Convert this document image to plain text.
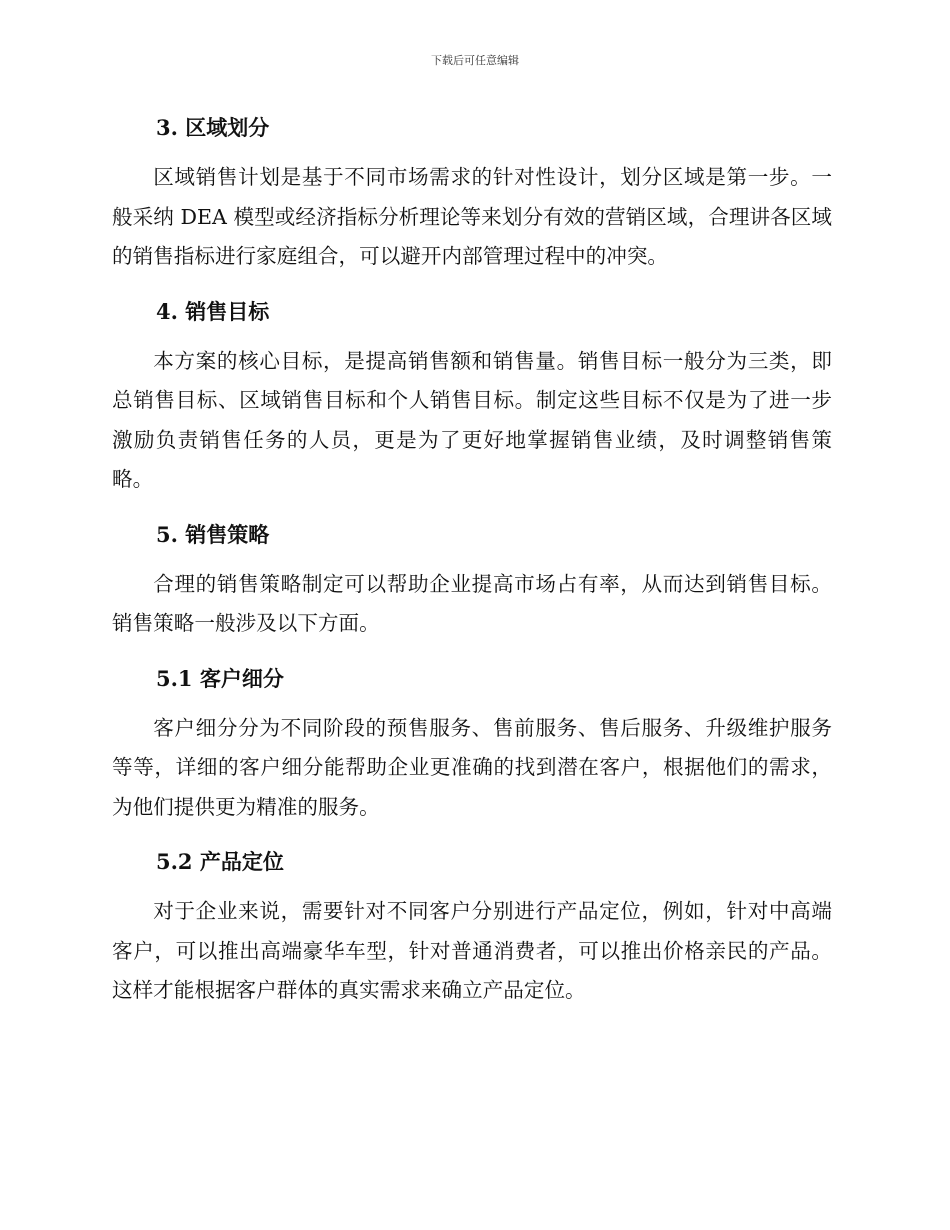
下载后可任意编辑
3. 区域划分

区域销售计划是基于不同市场需求的针对性设计，划分区域是第一步。一般采纳 DEA 模型或经济指标分析理论等来划分有效的营销区域，合理讲各区域的销售指标进行家庭组合，可以避开内部管理过程中的冲突。

4. 销售目标

本方案的核心目标，是提高销售额和销售量。销售目标一般分为三类，即总销售目标、区域销售目标和个人销售目标。制定这些目标不仅是为了进一步激励负责销售任务的人员，更是为了更好地掌握销售业绩，及时调整销售策略。

5. 销售策略

合理的销售策略制定可以帮助企业提高市场占有率，从而达到销售目标。销售策略一般涉及以下方面。

5.1 客户细分

客户细分分为不同阶段的预售服务、售前服务、售后服务、升级维护服务等等，详细的客户细分能帮助企业更准确的找到潜在客户，根据他们的需求，为他们提供更为精准的服务。

5.2 产品定位

对于企业来说，需要针对不同客户分别进行产品定位，例如，针对中高端客户，可以推出高端豪华车型，针对普通消费者，可以推出价格亲民的产品。这样才能根据客户群体的真实需求来确立产品定位。
